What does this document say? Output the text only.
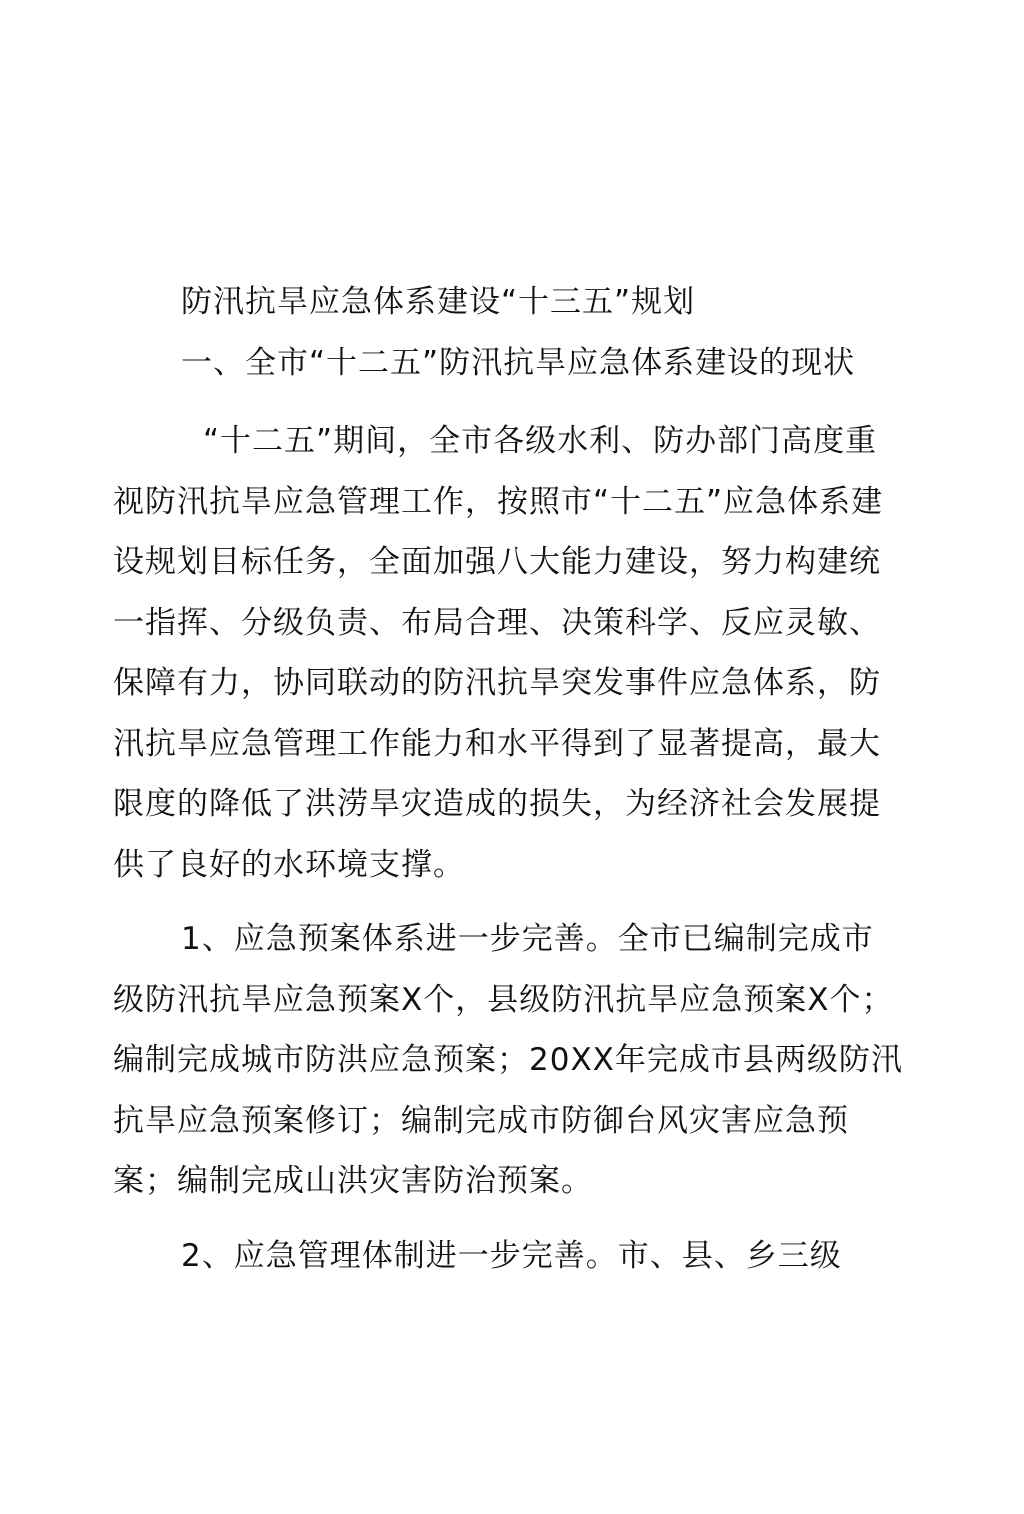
防汛抗旱应急体系建设“十三五”规划

一、全市“十二五”防汛抗旱应急体系建设的现状

“十二五”期间，全市各级水利、防办部门高度重视防汛抗旱应急管理工作，按照市“十二五”应急体系建设规划目标任务，全面加强八大能力建设，努力构建统一指挥、分级负责、布局合理、决策科学、反应灵敏、保障有力，协同联动的防汛抗旱突发事件应急体系，防汛抗旱应急管理工作能力和水平得到了显著提高，最大限度的降低了洪涝旱灾造成的损失，为经济社会发展提供了良好的水环境支撑。

1、应急预案体系进一步完善。全市已编制完成市级防汛抗旱应急预案X个，县级防汛抗旱应急预案X个；编制完成城市防洪应急预案；20XX年完成市县两级防汛抗旱应急预案修订；编制完成市防御台风灾害应急预案；编制完成山洪灾害防治预案。

2、应急管理体制进一步完善。市、县、乡三级
